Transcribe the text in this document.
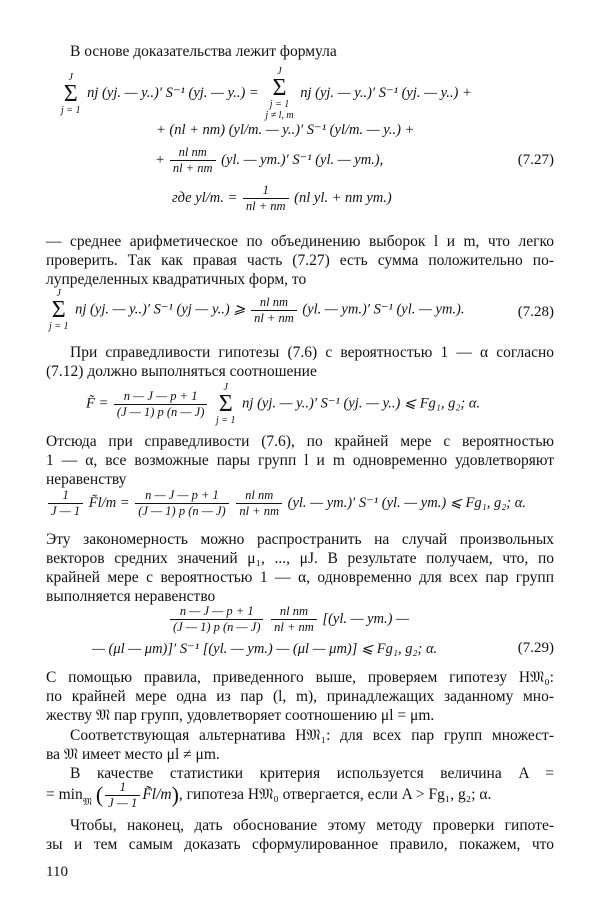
В основе доказательства лежит формула
J
Σ
j = 1
nj (yj. — y..)′ S⁻¹ (yj. — y..) =
J
Σ
j = 1
j ≠ l, m
nj (yj. — y..)′ S⁻¹ (yj. — y..) +
+ (nl + nm) (yl/m. — y..)′ S⁻¹ (yl/m. — y..) +
+ $\frac{\text{nl nm}}{nl + nm} (yl$. — ym.)′ S⁻¹ (yl. — ym.),	(7.27)
где yl/m. = $\frac{1}{nl + nm} (nl$ yl. + nm ym.)
— среднее арифметическое по объединению выборок l и m, что легко
проверить. Так как правая часть (7.27) есть сумма положительно по-
лупределенных квадратичных форм, то
J
Σ
j = 1
nj (yj. — y..)′ S⁻¹ (yj — y..) ⩾ $\frac{\text{nl nm}}{nl + nm} (yl$. — ym.)′ S⁻¹ (yl. — ym.).	(7.28)
При справедливости гипотезы (7.6) с вероятностью 1 — α согласно
(7.12) должно выполняться соотношение
F̃ = $\frac{n — J — p + 1}{(J — 1) p (n — J)}$

J
Σ
j = 1
nj (yj. — y..)′ S⁻¹ (yj. — y..) ⩽ Fg₁, g₂; α.
Отсюда при справедливости (7.6), по крайней мере с вероятностью
1 — α, все возможные пары групп l и m одновременно удовлетворяют
неравенству
$\frac{1}{J — 1}$ F̃l/m = $\frac{n — J — p + 1}{(J — 1) p (n — J)}$
$\frac{\text{nl nm}}{nl + nm} (yl$. — ym.)′ S⁻¹ (yl. — ym.) ⩽ Fg₁, g₂; α.
Эту закономерность можно распространить на случай произвольных
векторов средних значений μ₁, ..., μJ. В результате получаем, что, по
крайней мере с вероятностью 1 — α, одновременно для всех пар групп
выполняется неравенство
$\frac{n — J — p + 1}{(J — 1) p (n — J)}$
$\frac{\text{nl nm}}{nl + nm} [(yl$. — ym.) —
— (μl — μm)]′ S⁻¹ [(yl. — ym.) — (μl — μm)] ⩽ Fg₁, g₂; α.	(7.29)
С помощью правила, приведенного выше, проверяем гипотезу H𝔐₀:
по крайней мере одна из пар (l, m), принадлежащих заданному мно-
жеству 𝔐 пар групп, удовлетворяет соотношению μl = μm.
Соответствующая альтернатива H𝔐₁: для всех пар групп множест-
ва 𝔐 имеет место μl ≠ μm.
В качестве статистики критерия используется величина A =
= $\min_𝔐$ ( $\frac{1}{J — 1}$ F̃l/m), гипотеза H𝔐₀ отвергается, если A > Fg₁, g₂; α.
Чтобы, наконец, дать обоснование этому методу проверки гипоте-
зы и тем самым доказать сформулированное правило, покажем, что
110
